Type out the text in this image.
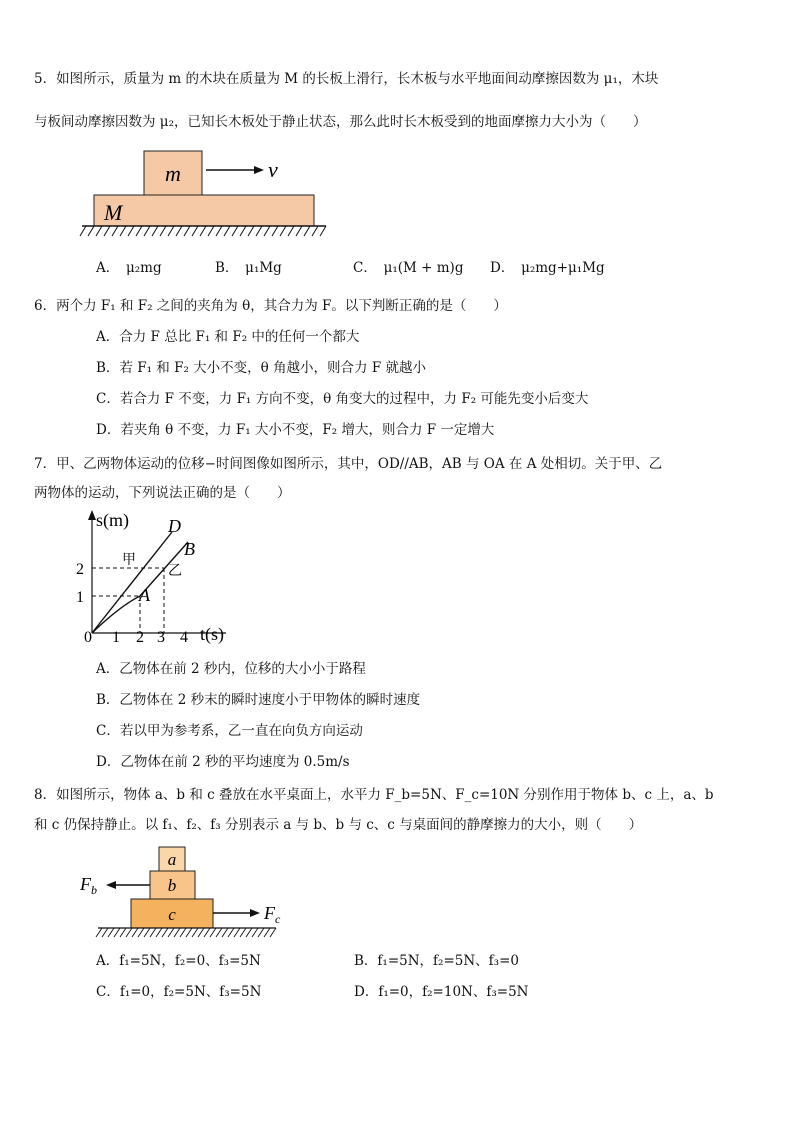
5．如图所示，质量为 m 的木块在质量为 M 的长板上滑行，长木板与水平地面间动摩擦因数为 μ₁，木块
与板间动摩擦因数为 μ₂，已知长木板处于静止状态，那么此时长木板受到的地面摩擦力大小为（　　）
m	v
M
A．　μ₂mg	B．　μ₁Mg	C．　μ₁(M + m)g D．　μ₂mg+μ₁Mg
6．两个力 F₁ 和 F₂ 之间的夹角为 θ，其合力为 F。以下判断正确的是（　　）
A．合力 F 总比 F₁ 和 F₂ 中的任何一个都大
B．若 F₁ 和 F₂ 大小不变，θ 角越小，则合力 F 就越小
C．若合力 F 不变，力 F₁ 方向不变，θ 角变大的过程中，力 F₂ 可能先变小后变大
D．若夹角 θ 不变，力 F₁ 大小不变，F₂ 增大，则合力 F 一定增大
7．甲、乙两物体运动的位移−时间图像如图所示，其中，OD//AB，AB 与 OA 在 A 处相切。关于甲、乙
两物体的运动，下列说法正确的是（　　）
s(m)
t(s)
0
1
2
1 2 3 4
D
B
A
甲
乙
A．乙物体在前 2 秒内，位移的大小小于路程
B．乙物体在 2 秒末的瞬时速度小于甲物体的瞬时速度
C．若以甲为参考系，乙一直在向负方向运动
D．乙物体在前 2 秒的平均速度为 0.5m/s
8．如图所示，物体 a、b 和 c 叠放在水平桌面上，水平力 F_b=5N、F_c=10N 分别作用于物体 b、c 上，a、b
和 c 仍保持静止。以 f₁、f₂、f₃ 分别表示 a 与 b、b 与 c、c 与桌面间的静摩擦力的大小，则（　　）
a
b
c
$F_b$
$F_c$
A．f₁=5N，f₂=0、f₃=5N	B．f₁=5N，f₂=5N、f₃=0
C．f₁=0，f₂=5N、f₃=5N	D．f₁=0，f₂=10N、f₃=5N
